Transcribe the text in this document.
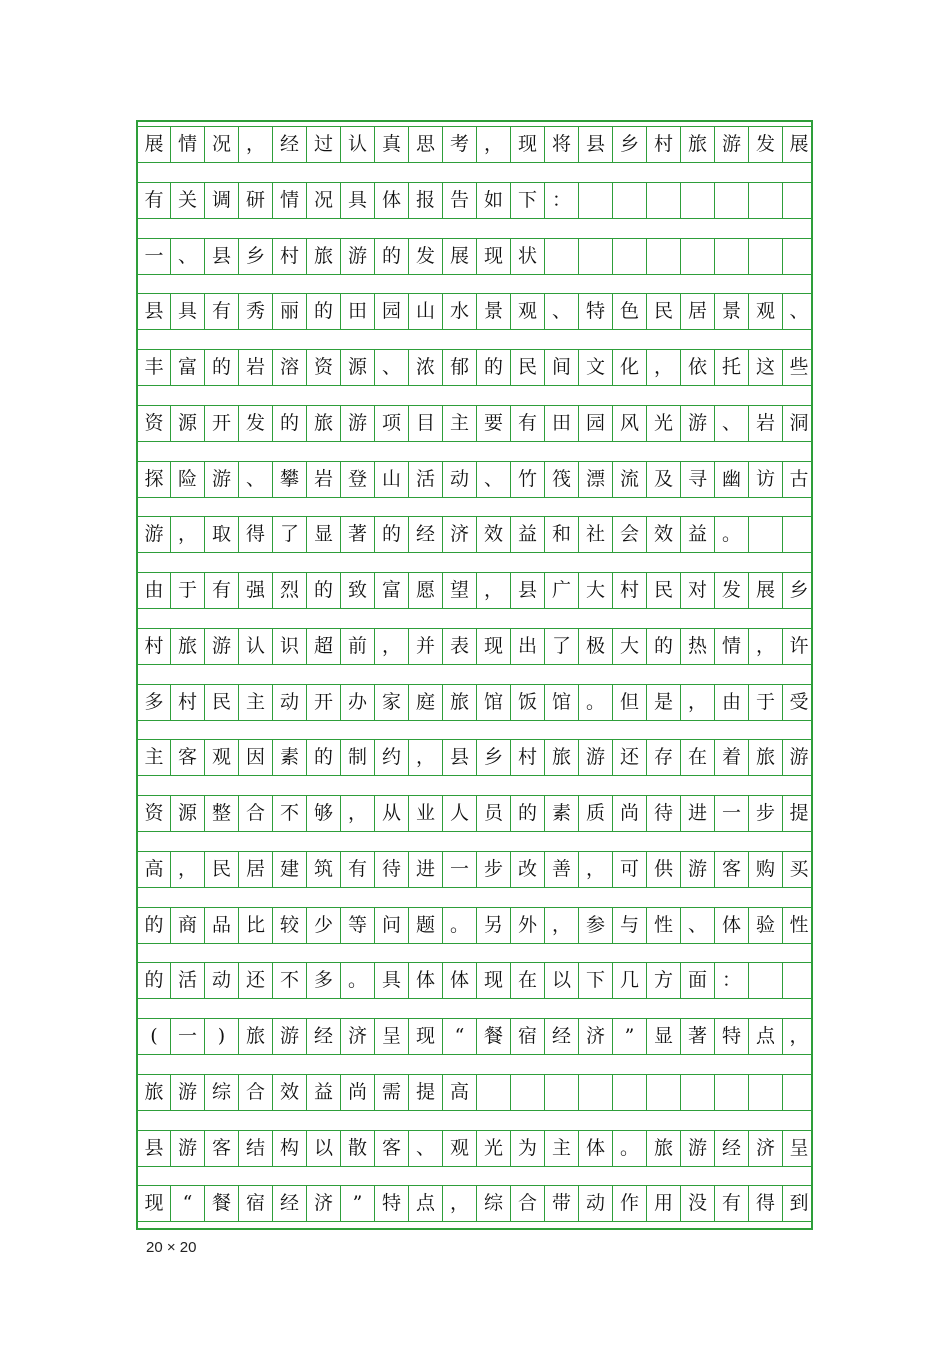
展 情 况 ， 经 过 认 真 思 考 ， 现 将 县 乡 村 旅 游 发 展
有 关 调 研 情 况 具 体 报 告 如 下 ：
一 、 县 乡 村 旅 游 的 发 展 现 状
县 具 有 秀 丽 的 田 园 山 水 景 观 、 特 色 民 居 景 观 、
丰 富 的 岩 溶 资 源 、 浓 郁 的 民 间 文 化 ， 依 托 这 些
资 源 开 发 的 旅 游 项 目 主 要 有 田 园 风 光 游 、 岩 洞
探 险 游 、 攀 岩 登 山 活 动 、 竹 筏 漂 流 及 寻 幽 访 古
游 ， 取 得 了 显 著 的 经 济 效 益 和 社 会 效 益 。
由 于 有 强 烈 的 致 富 愿 望 ， 县 广 大 村 民 对 发 展 乡
村 旅 游 认 识 超 前 ， 并 表 现 出 了 极 大 的 热 情 ， 许
多 村 民 主 动 开 办 家 庭 旅 馆 饭 馆 。 但 是 ， 由 于 受
主 客 观 因 素 的 制 约 ， 县 乡 村 旅 游 还 存 在 着 旅 游
资 源 整 合 不 够 ， 从 业 人 员 的 素 质 尚 待 进 一 步 提
高 ， 民 居 建 筑 有 待 进 一 步 改 善 ， 可 供 游 客 购 买
的 商 品 比 较 少 等 问 题 。 另 外 ， 参 与 性 、 体 验 性
的 活 动 还 不 多 。 具 体 体 现 在 以 下 几 方 面 ：
(	一	)	旅 游 经 济 呈 现	“	餐 宿 经 济	”	显 著 特 点 ，
旅 游 综 合 效 益 尚 需 提 高
县 游 客 结 构 以 散 客 、 观 光 为 主 体 。 旅 游 经 济 呈
现	“	餐 宿 经 济	”	特 点 ， 综 合 带 动 作 用 没 有 得 到
20 × 20
